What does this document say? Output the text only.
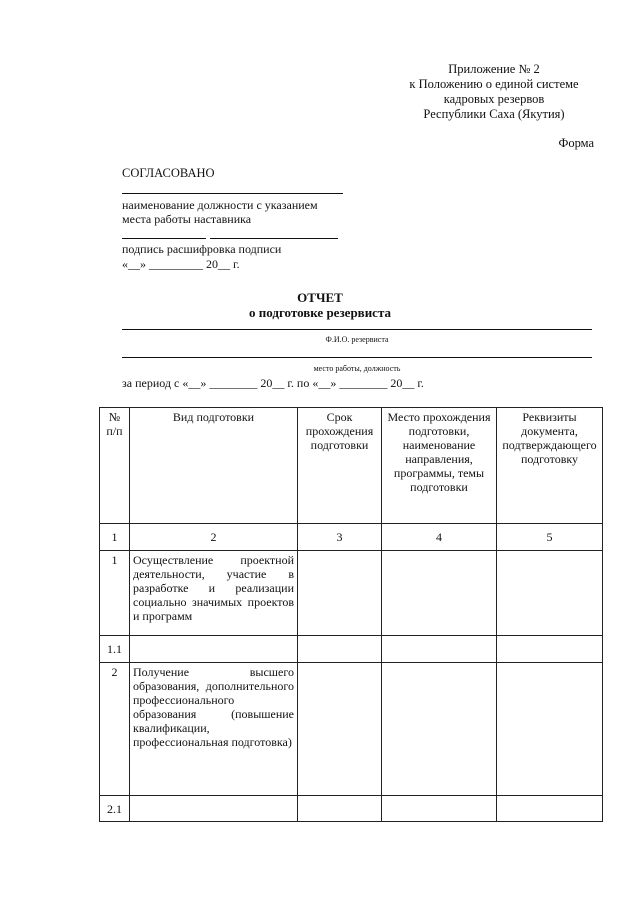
Приложение № 2
к Положению о единой системе
кадровых резервов
Республики Саха (Якутия)
Форма
СОГЛАСОВАНО
наименование должности с указанием
места работы наставника
подпись расшифровка подписи
«__» _________ 20__ г.
ОТЧЕТ
о подготовке резервиста
Ф.И.О. резервиста
место работы, должность
за период с «__» ________ 20__ г. по «__» ________ 20__ г.
№ п/п	Вид подготовки	Срок прохождения подготовки	Место прохождения подготовки, наименование направления, программы, темы подготовки	Реквизиты документа, подтверждающего подготовку
1	2	3	4	5
1	Осуществление проектной деятельности, участие в разработке и реализации социально значимых проектов и программ			
1.1				
2	Получение высшего образования, дополнительного профессионального образования (повышение квалификации, профессиональная подготовка)			
2.1				
